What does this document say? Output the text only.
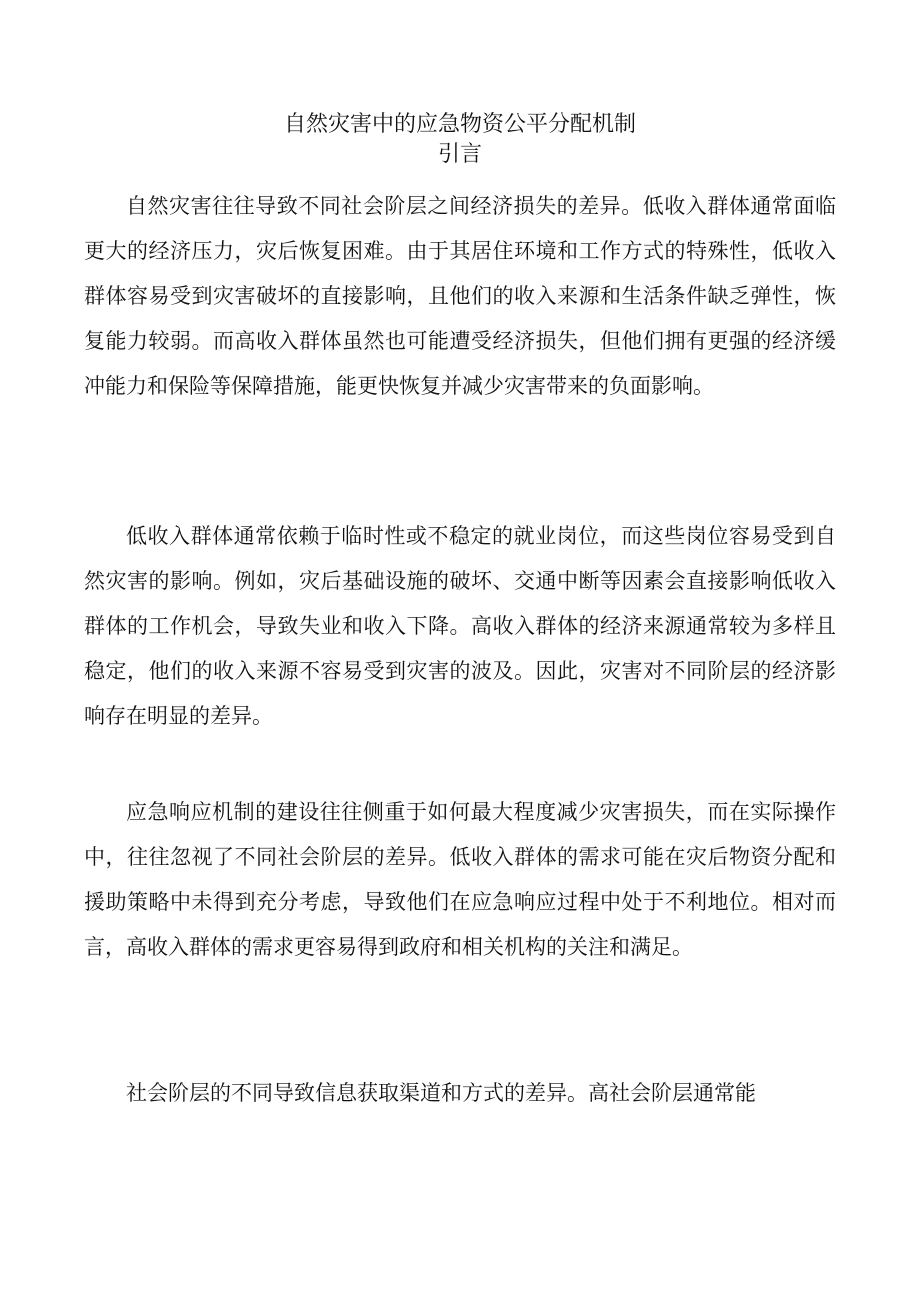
自然灾害中的应急物资公平分配机制
引言

自然灾害往往导致不同社会阶层之间经济损失的差异。低收入群体通常面临更大的经济压力，灾后恢复困难。由于其居住环境和工作方式的特殊性，低收入群体容易受到灾害破坏的直接影响，且他们的收入来源和生活条件缺乏弹性，恢复能力较弱。而高收入群体虽然也可能遭受经济损失，但他们拥有更强的经济缓冲能力和保险等保障措施，能更快恢复并减少灾害带来的负面影响。

低收入群体通常依赖于临时性或不稳定的就业岗位，而这些岗位容易受到自然灾害的影响。例如，灾后基础设施的破坏、交通中断等因素会直接影响低收入群体的工作机会，导致失业和收入下降。高收入群体的经济来源通常较为多样且稳定，他们的收入来源不容易受到灾害的波及。因此，灾害对不同阶层的经济影响存在明显的差异。

应急响应机制的建设往往侧重于如何最大程度减少灾害损失，而在实际操作中，往往忽视了不同社会阶层的差异。低收入群体的需求可能在灾后物资分配和援助策略中未得到充分考虑，导致他们在应急响应过程中处于不利地位。相对而言，高收入群体的需求更容易得到政府和相关机构的关注和满足。

社会阶层的不同导致信息获取渠道和方式的差异。高社会阶层通常能
